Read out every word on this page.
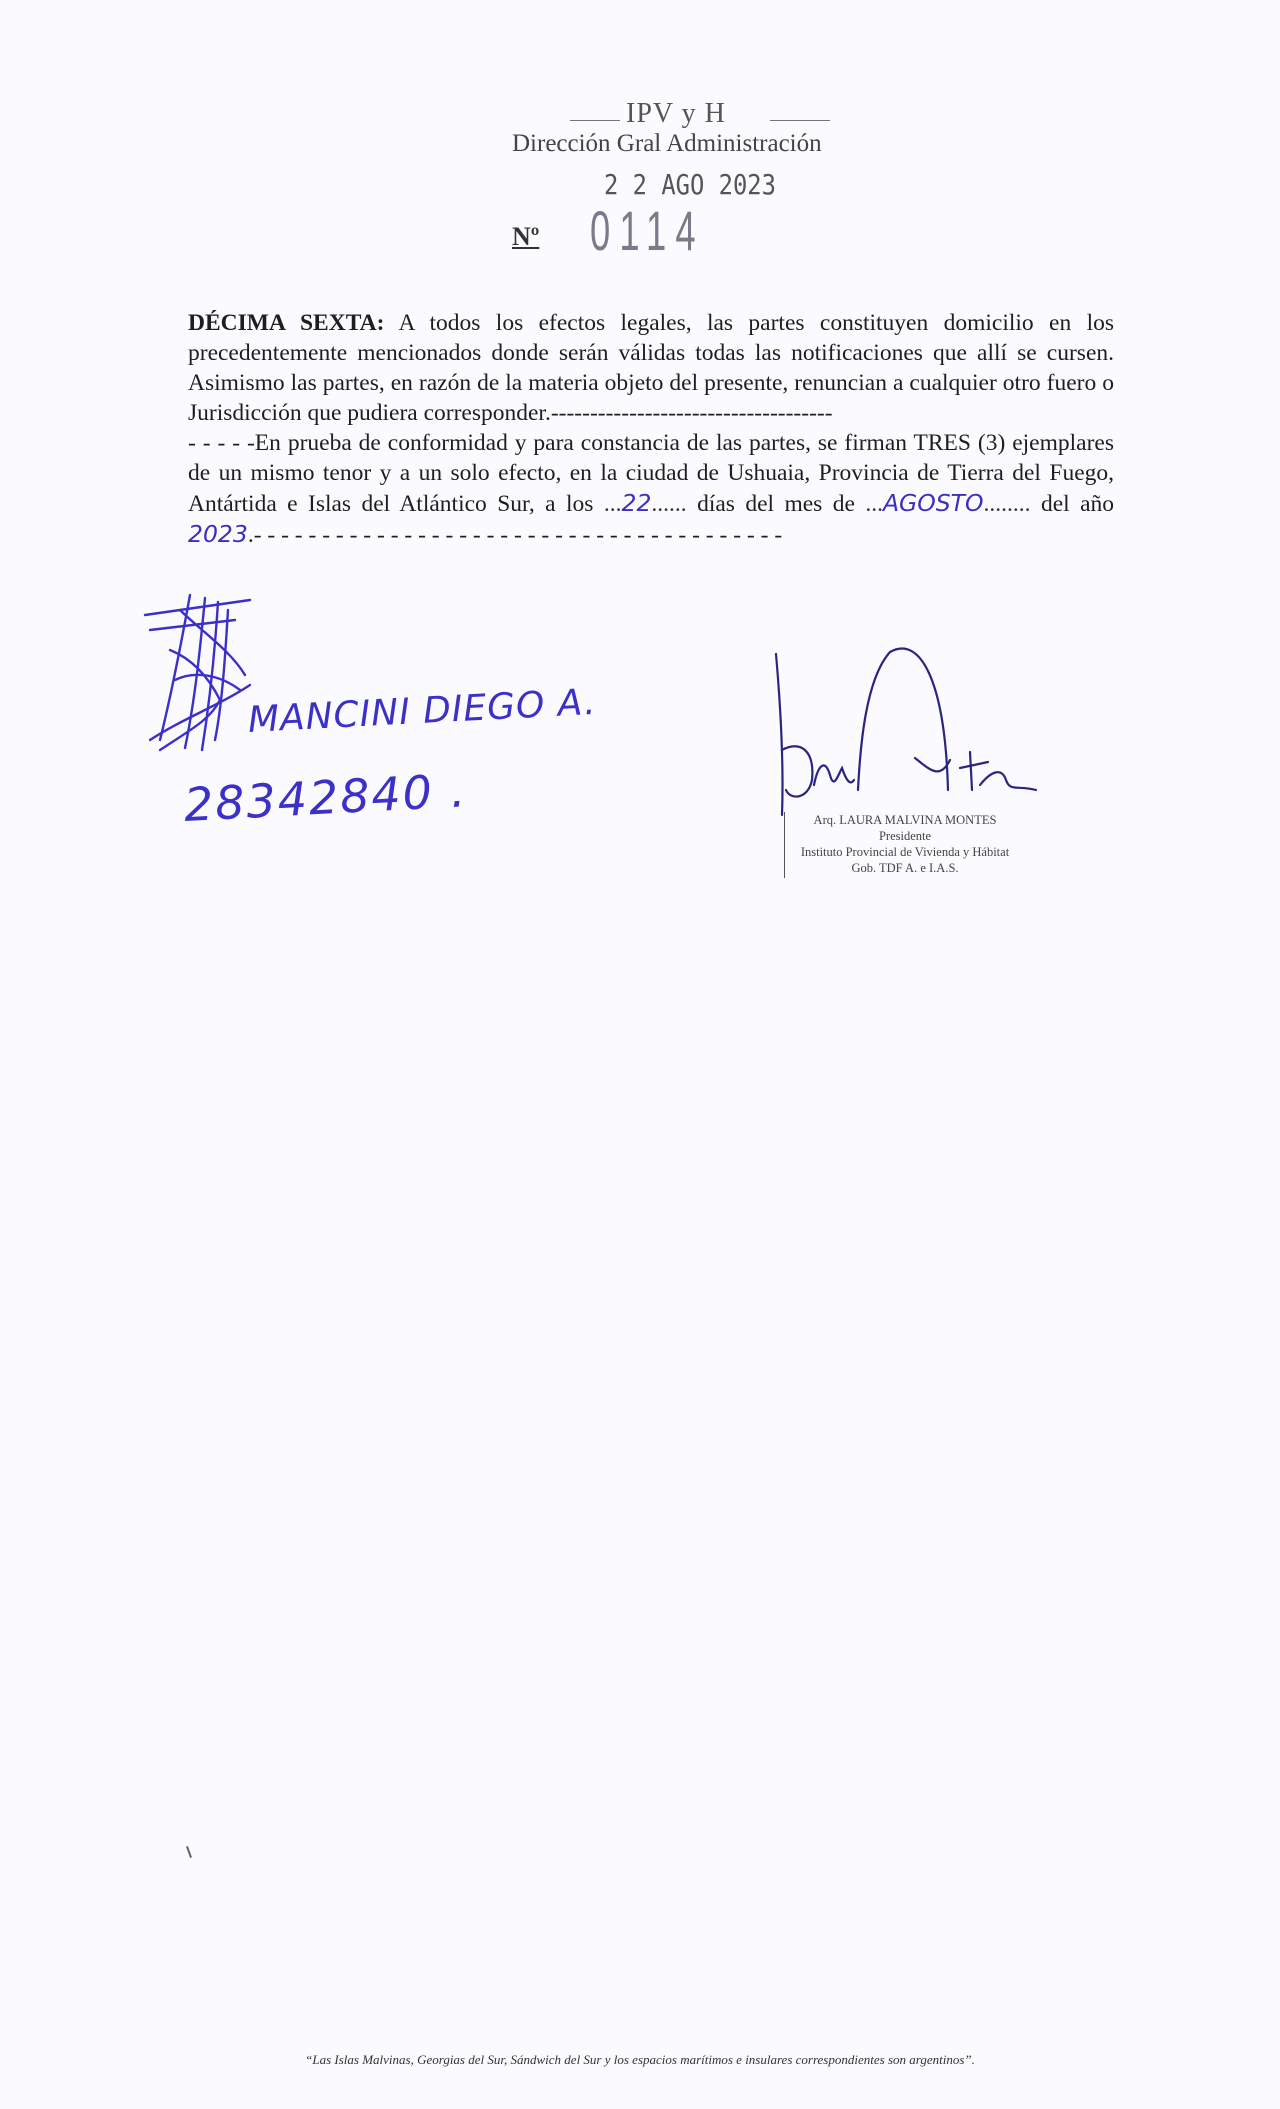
IPV y H
Dirección Gral Administración
2 2 AGO 2023
Nº 0114
DÉCIMA SEXTA: A todos los efectos legales, las partes constituyen domicilio en los precedentemente mencionados donde serán válidas todas las notificaciones que allí se cursen. Asimismo las partes, en razón de la materia objeto del presente, renuncian a cualquier otro fuero o Jurisdicción que pudiera corresponder.------------------------------------
- - - - -En prueba de conformidad y para constancia de las partes, se firman TRES (3) ejemplares de un mismo tenor y a un solo efecto, en la ciudad de Ushuaia, Provincia de Tierra del Fuego, Antártida e Islas del Atlántico Sur, a los ...22...... días del mes de ...AGOSTO........ del año 2023.- - - - - - - - - - - - - - - - - - - - - - - - - - - - - - - - - - - - - - -
MANCINI DIEGO A.
28342840 .	Arq. LAURA MALVINA MONTES
Presidente
Instituto Provincial de Vivienda y Hábitat
Gob. TDF A. e I.A.S.
“Las Islas Malvinas, Georgias del Sur, Sándwich del Sur y los espacios marítimos e insulares correspondientes son argentinos”.
